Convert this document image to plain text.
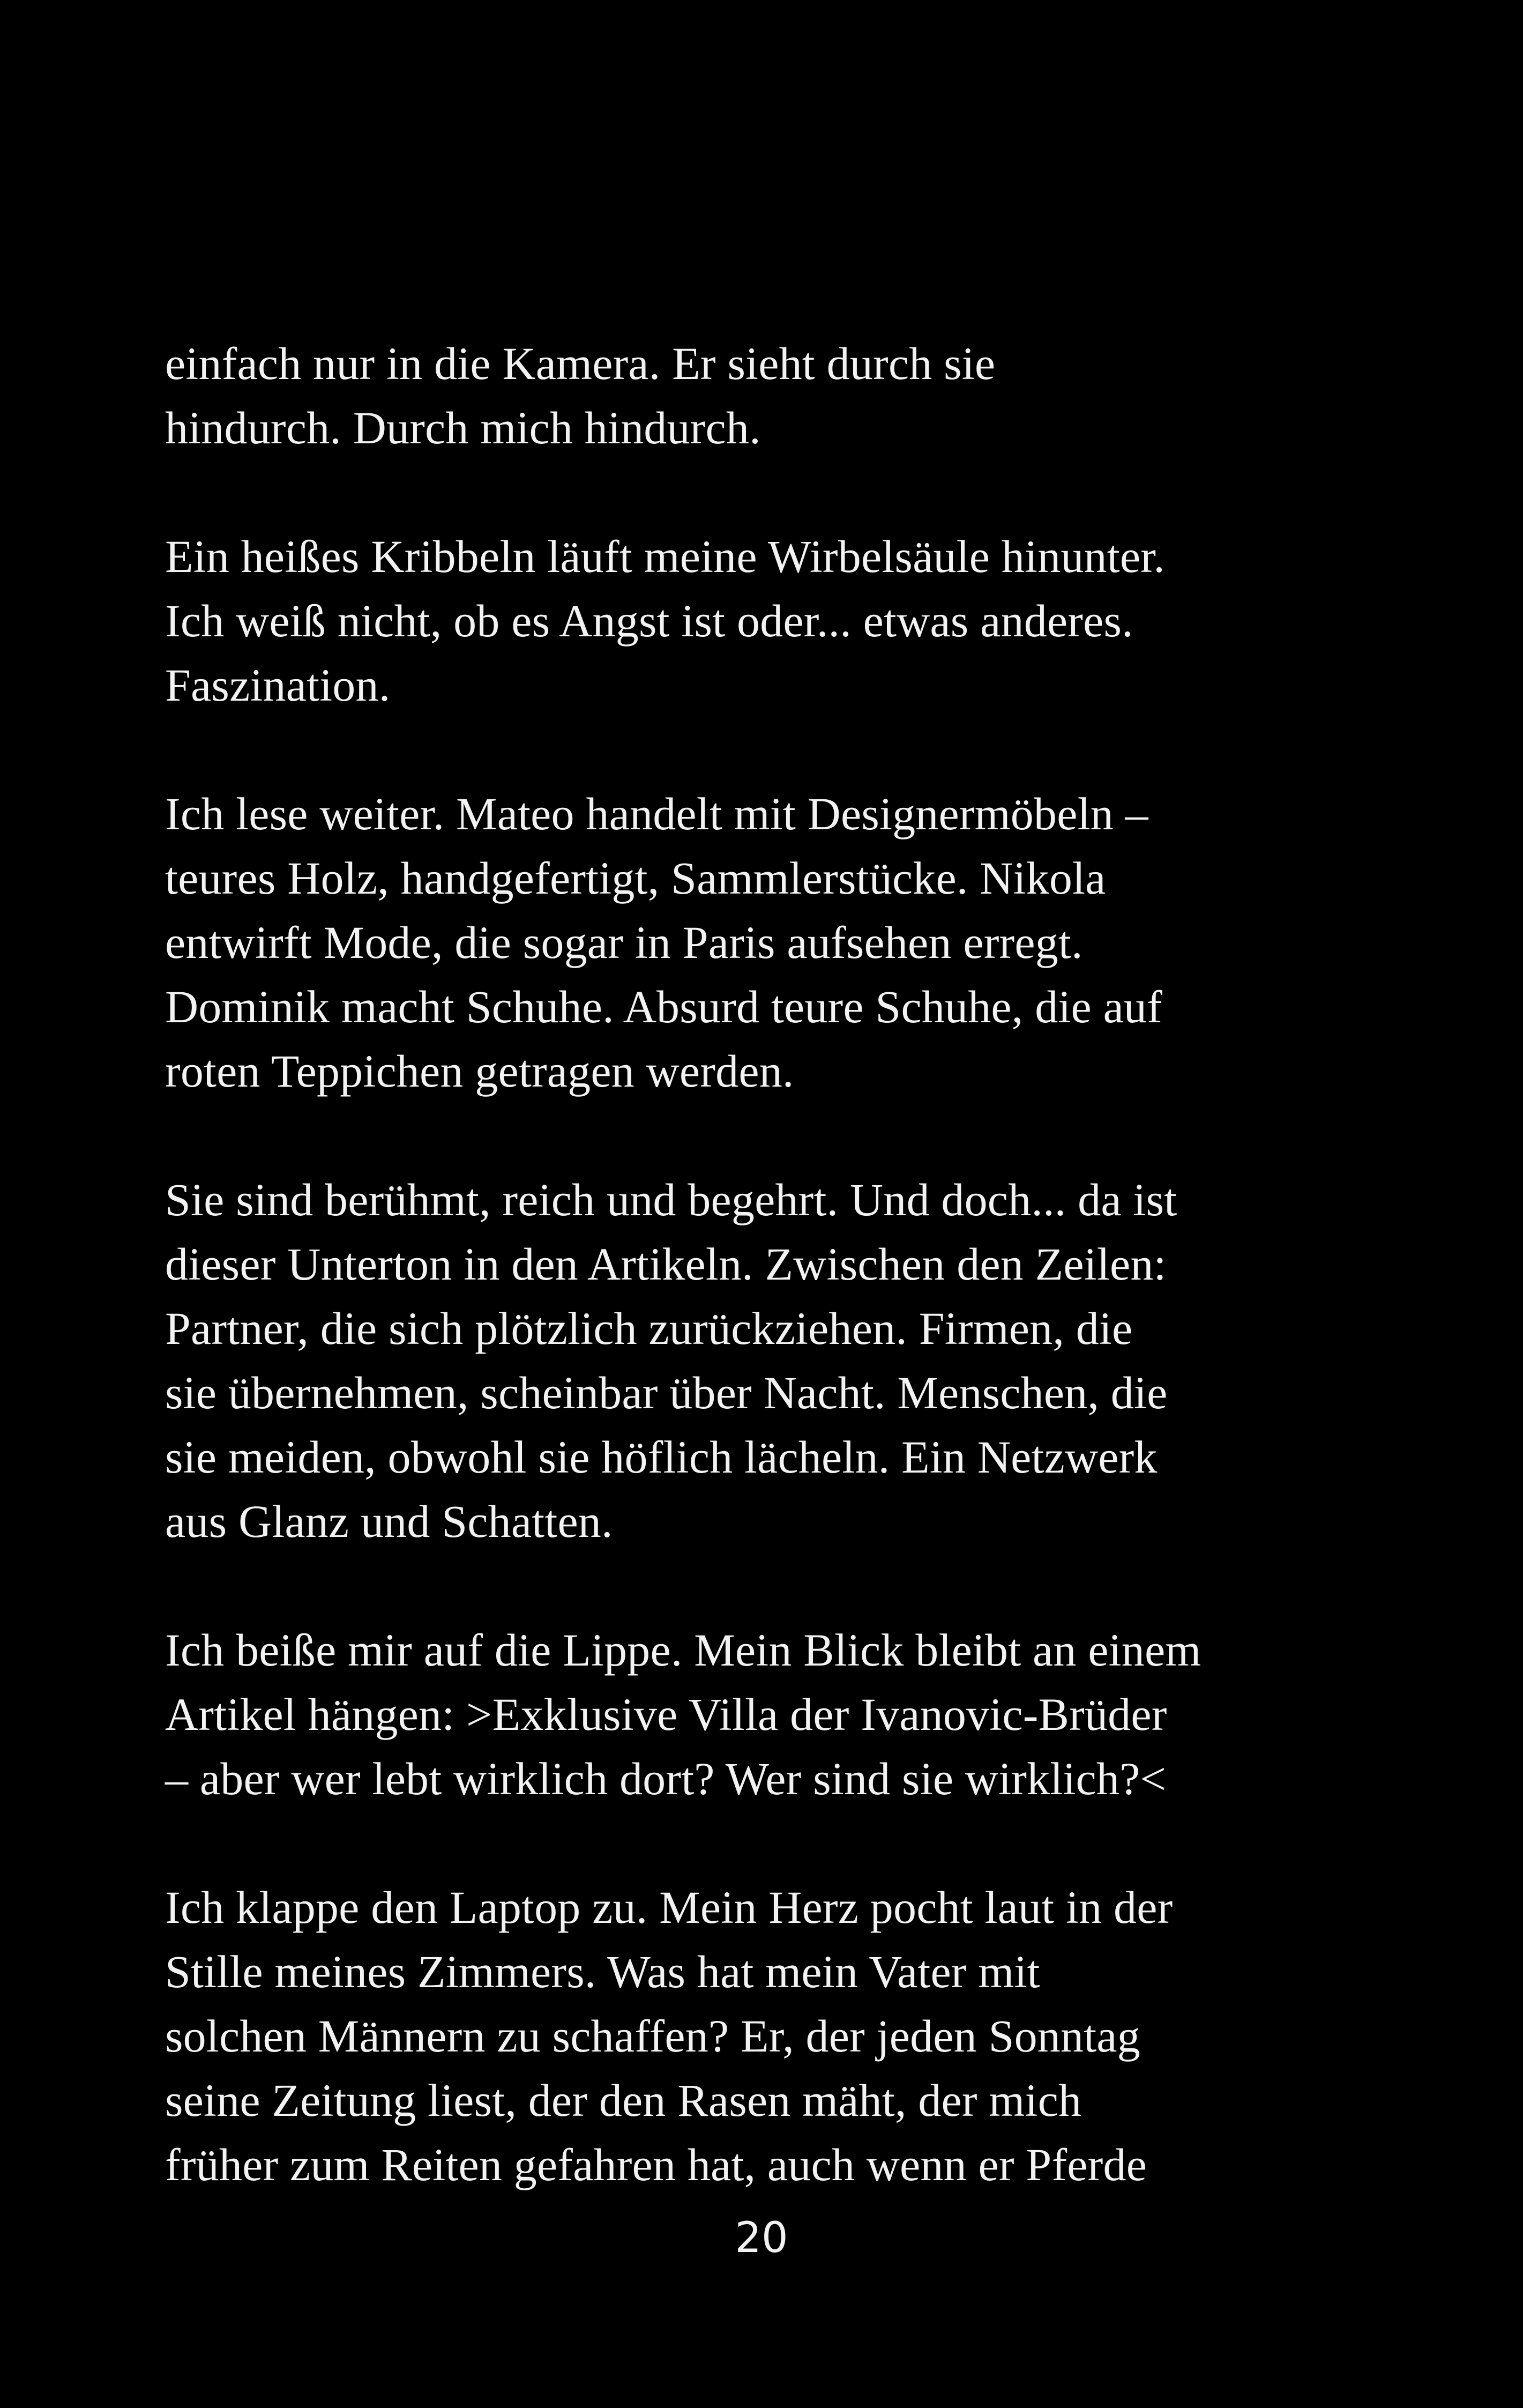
einfach nur in die Kamera. Er sieht durch sie
hindurch. Durch mich hindurch.

Ein heißes Kribbeln läuft meine Wirbelsäule hinunter.
Ich weiß nicht, ob es Angst ist oder... etwas anderes.
Faszination.

Ich lese weiter. Mateo handelt mit Designermöbeln –
teures Holz, handgefertigt, Sammlerstücke. Nikola
entwirft Mode, die sogar in Paris aufsehen erregt.
Dominik macht Schuhe. Absurd teure Schuhe, die auf
roten Teppichen getragen werden.

Sie sind berühmt, reich und begehrt. Und doch... da ist
dieser Unterton in den Artikeln. Zwischen den Zeilen:
Partner, die sich plötzlich zurückziehen. Firmen, die
sie übernehmen, scheinbar über Nacht. Menschen, die
sie meiden, obwohl sie höflich lächeln. Ein Netzwerk
aus Glanz und Schatten.

Ich beiße mir auf die Lippe. Mein Blick bleibt an einem
Artikel hängen: >Exklusive Villa der Ivanovic-Brüder
– aber wer lebt wirklich dort? Wer sind sie wirklich?<

Ich klappe den Laptop zu. Mein Herz pocht laut in der
Stille meines Zimmers. Was hat mein Vater mit
solchen Männern zu schaffen? Er, der jeden Sonntag
seine Zeitung liest, der den Rasen mäht, der mich
früher zum Reiten gefahren hat, auch wenn er Pferde

20
